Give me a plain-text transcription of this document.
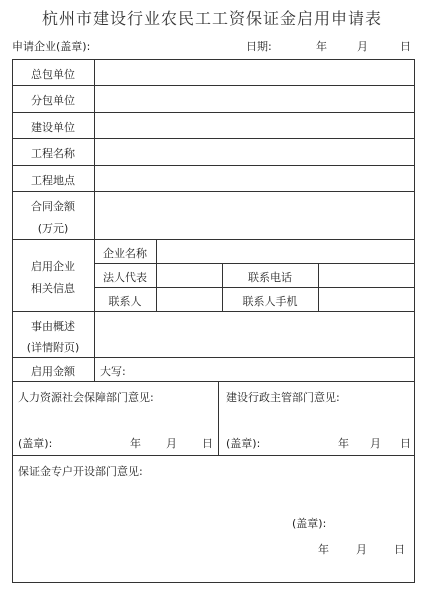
杭州市建设行业农民工工资保证金启用申请表
申请企业(盖章):	日期:	年	月	日
总包单位
分包单位
建设单位
工程名称
工程地点
合同金额
(万元)
启用企业
相关信息
企业名称
法人代表	联系电话
联系人	联系人手机
事由概述
(详情附页)
启用金额	大写:
人力资源社会保障部门意见:
(盖章):	年 月 日
建设行政主管部门意见:
(盖章):	年 月 日
保证金专户开设部门意见:
(盖章):
年 月 日
